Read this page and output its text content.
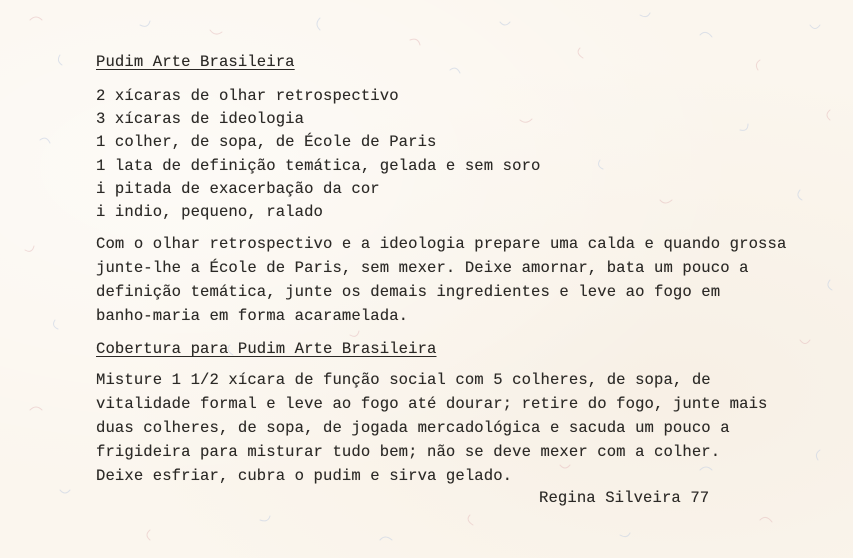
Pudim Arte Brasileira
2 xícaras de olhar retrospectivo
3 xícaras de ideologia
1 colher, de sopa, de École de Paris
1 lata de definição temática, gelada e sem soro
i pitada de exacerbação da cor
i indio, pequeno, ralado
Com o olhar retrospectivo e a ideologia prepare uma calda e quando grossa
junte-lhe a École de Paris, sem mexer. Deixe amornar, bata um pouco a
definição temática, junte os demais ingredientes e leve ao fogo em
banho-maria em forma acaramelada.
Cobertura para Pudim Arte Brasileira
Misture 1 1/2 xícara de função social com 5 colheres, de sopa, de
vitalidade formal e leve ao fogo até dourar; retire do fogo, junte mais
duas colheres, de sopa, de jogada mercadológica e sacuda um pouco a
frigideira para misturar tudo bem; não se deve mexer com a colher.
Deixe esfriar, cubra o pudim e sirva gelado.
Regina Silveira 77
